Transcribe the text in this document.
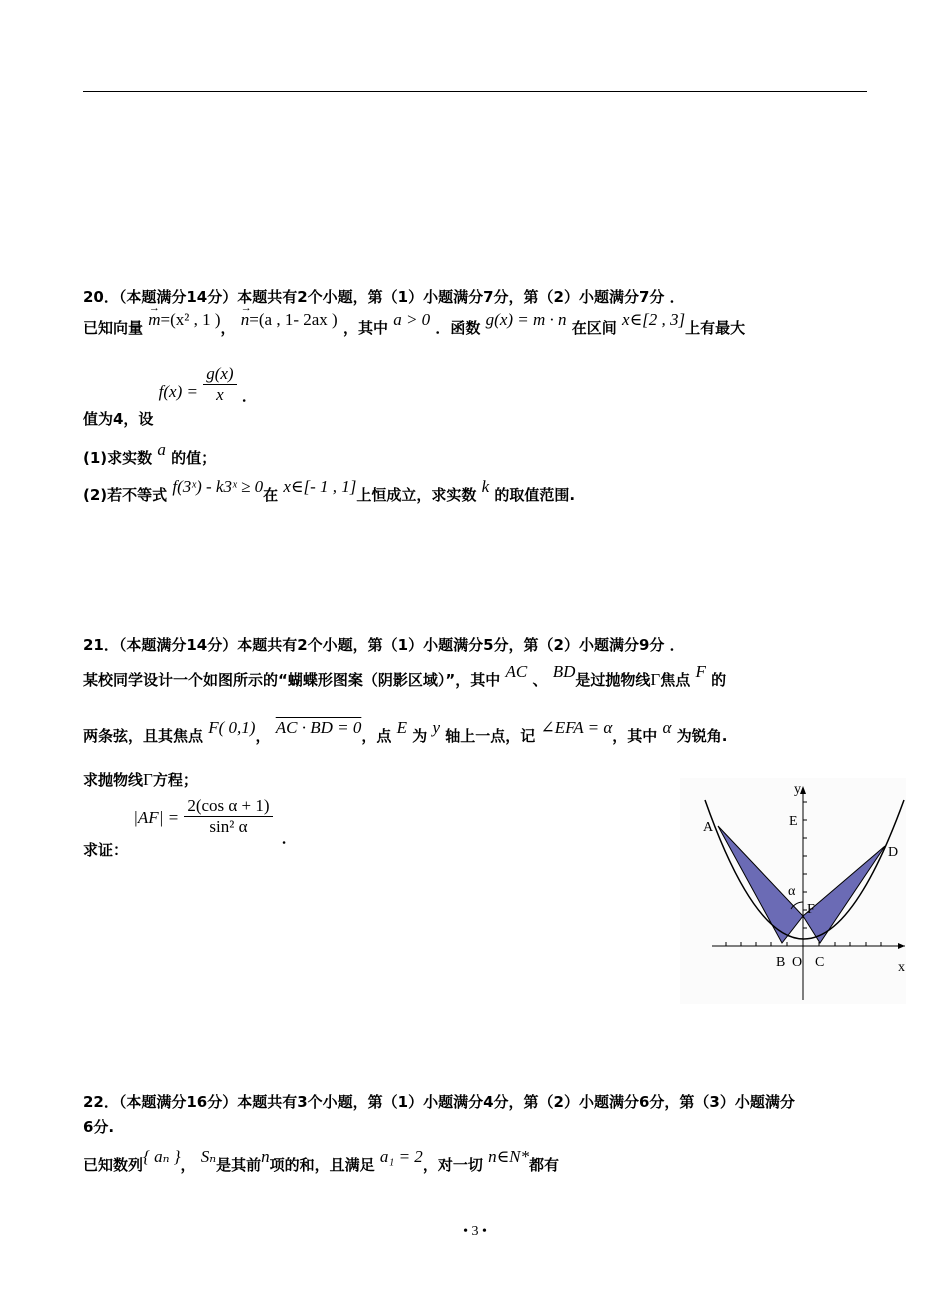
20．（本题满分14分）本题共有2个小题，第（1）小题满分7分，第（2）小题满分7分 ．
已知向量 → m=(x² , 1 )， → n=(a , 1- 2ax ) ，其中 a > 0 ．函数 g(x) = m · n 在区间 x∈[2 , 3]上有最大
值为4，设 $f(x) = \frac{g(x)}{x}$ ．
(1)求实数 a 的值；
(2)若不等式 f(3ˣ) - k3ˣ ≥ 0在 x∈[- 1 , 1]上恒成立，求实数 k 的取值范围.
21．（本题满分14分）本题共有2个小题，第（1）小题满分5分，第（2）小题满分9分 ．
某校同学设计一个如图所示的“蝴蝶形图案（阴影区域）”，其中 AC 、 BD是过抛物线Γ焦点 F 的
两条弦，且其焦点 F( 0,1)， AC · BD = 0，点 E 为 y 轴上一点，记 ∠EFA = α，其中 α 为锐角.
求抛物线Γ方程；
求证： $|AF| = \frac{\text{2(cos α + 1)}}{\text{sin² α}}$
．
y
x
A
D
E
F
α
B O C
22．（本题满分16分）本题共有3个小题，第（1）小题满分4分，第（2）小题满分6分，第（3）小题满分
6分.
已知数列{ aₙ }， Sₙ是其前n项的和，且满足 a₁ = 2，对一切 n∈N*都有
• 3 •
